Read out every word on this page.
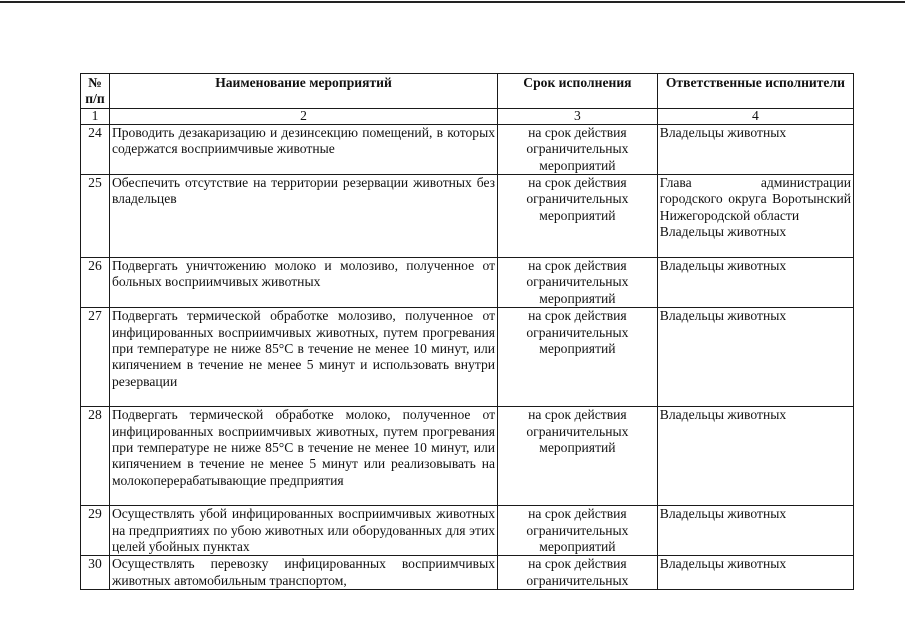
№ п/п	Наименование мероприятий	Срок исполнения	Ответственные исполнители
1	2	3	4
24	Проводить дезакаризацию и дезинсекцию помещений, в которых содержатся восприимчивые животные	на срок действия ограничительных мероприятий	Владельцы животных

25	Обеспечить отсутствие на территории резервации животных без владельцев	на срок действия ограничительных мероприятий	Глава администрации городского округа Воротынский Нижегородской области
Владельцы животных

26	Подвергать уничтожению молоко и молозиво, полученное от больных восприимчивых животных	на срок действия ограничительных мероприятий	Владельцы животных

27	Подвергать термической обработке молозиво, полученное от инфицированных восприимчивых животных, путем прогревания при температуре не ниже 85°С в течение не менее 10 минут, или кипячением в течение не менее 5 минут и использовать внутри резервации	на срок действия ограничительных мероприятий	Владельцы животных

28	Подвергать термической обработке молоко, полученное от инфицированных восприимчивых животных, путем прогревания при температуре не ниже 85°С в течение не менее 10 минут, или кипячением в течение не менее 5 минут или реализовывать на молокоперерабатывающие предприятия	на срок действия ограничительных мероприятий	Владельцы животных

29	Осуществлять убой инфицированных восприимчивых животных на предприятиях по убою животных или оборудованных для этих целей убойных пунктах	на срок действия ограничительных мероприятий	Владельцы животных

30	Осуществлять перевозку инфицированных восприимчивых животных автомобильным транспортом,	на срок действия ограничительных	Владельцы животных
